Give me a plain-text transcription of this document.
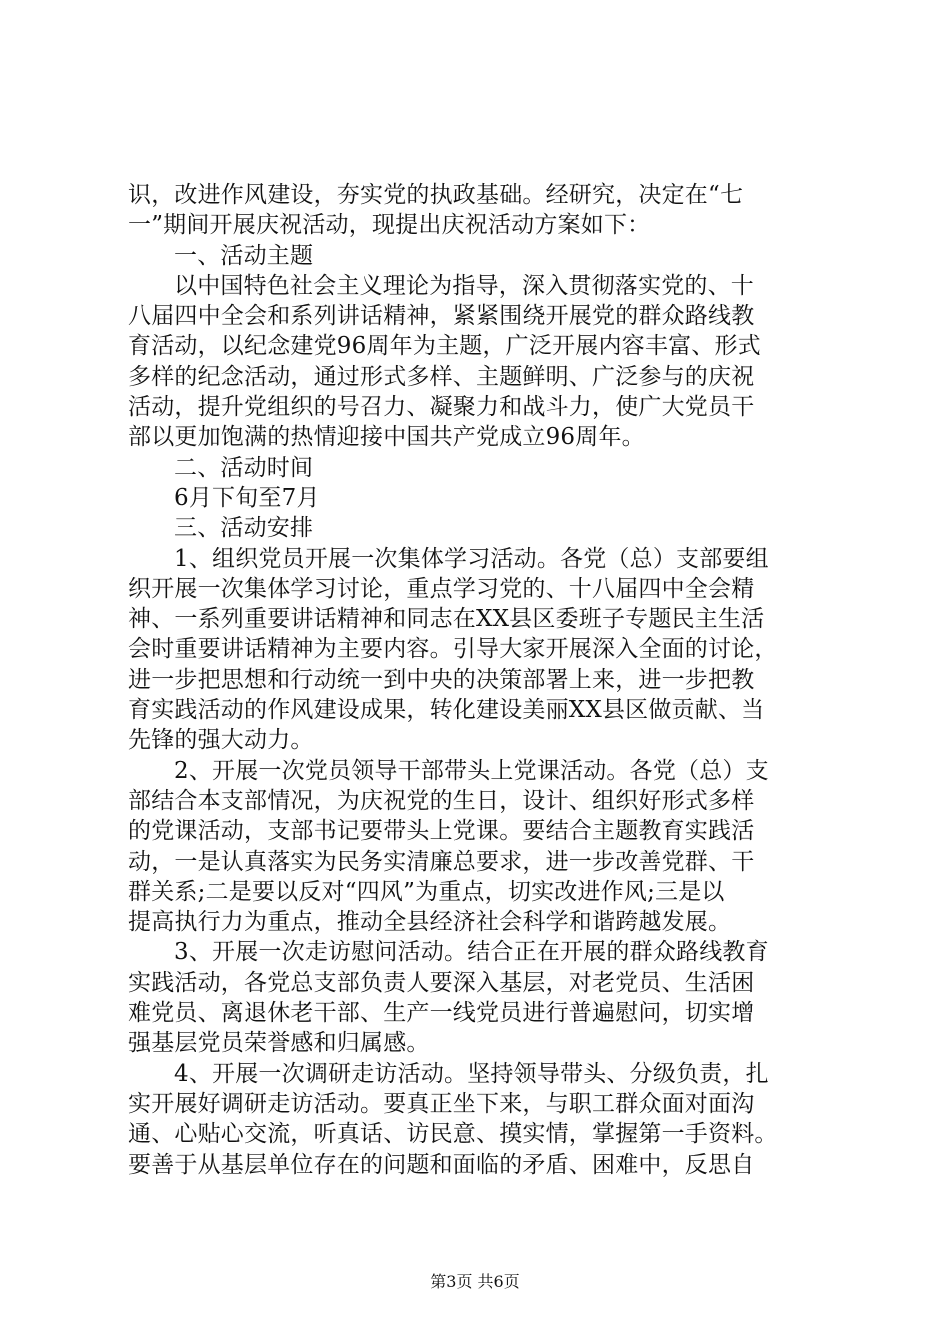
识，改进作风建设，夯实党的执政基础。经研究，决定在“七
一”期间开展庆祝活动，现提出庆祝活动方案如下：
一、活动主题
以中国特色社会主义理论为指导，深入贯彻落实党的、十
八届四中全会和系列讲话精神，紧紧围绕开展党的群众路线教
育活动，以纪念建党96周年为主题，广泛开展内容丰富、形式
多样的纪念活动，通过形式多样、主题鲜明、广泛参与的庆祝
活动，提升党组织的号召力、凝聚力和战斗力，使广大党员干
部以更加饱满的热情迎接中国共产党成立96周年。
二、活动时间
6月下旬至7月
三、活动安排
1、组织党员开展一次集体学习活动。各党（总）支部要组
织开展一次集体学习讨论，重点学习党的、十八届四中全会精
神、一系列重要讲话精神和同志在XX县区委班子专题民主生活
会时重要讲话精神为主要内容。引导大家开展深入全面的讨论，
进一步把思想和行动统一到中央的决策部署上来，进一步把教
育实践活动的作风建设成果，转化建设美丽XX县区做贡献、当
先锋的强大动力。
2、开展一次党员领导干部带头上党课活动。各党（总）支
部结合本支部情况，为庆祝党的生日，设计、组织好形式多样
的党课活动，支部书记要带头上党课。要结合主题教育实践活
动，一是认真落实为民务实清廉总要求，进一步改善党群、干
群关系;二是要以反对“四风”为重点，切实改进作风;三是以
提高执行力为重点，推动全县经济社会科学和谐跨越发展。
3、开展一次走访慰问活动。结合正在开展的群众路线教育
实践活动，各党总支部负责人要深入基层，对老党员、生活困
难党员、离退休老干部、生产一线党员进行普遍慰问，切实增
强基层党员荣誉感和归属感。
4、开展一次调研走访活动。坚持领导带头、分级负责，扎
实开展好调研走访活动。要真正坐下来，与职工群众面对面沟
通、心贴心交流，听真话、访民意、摸实情，掌握第一手资料。
要善于从基层单位存在的问题和面临的矛盾、困难中，反思自
第3页 共6页
